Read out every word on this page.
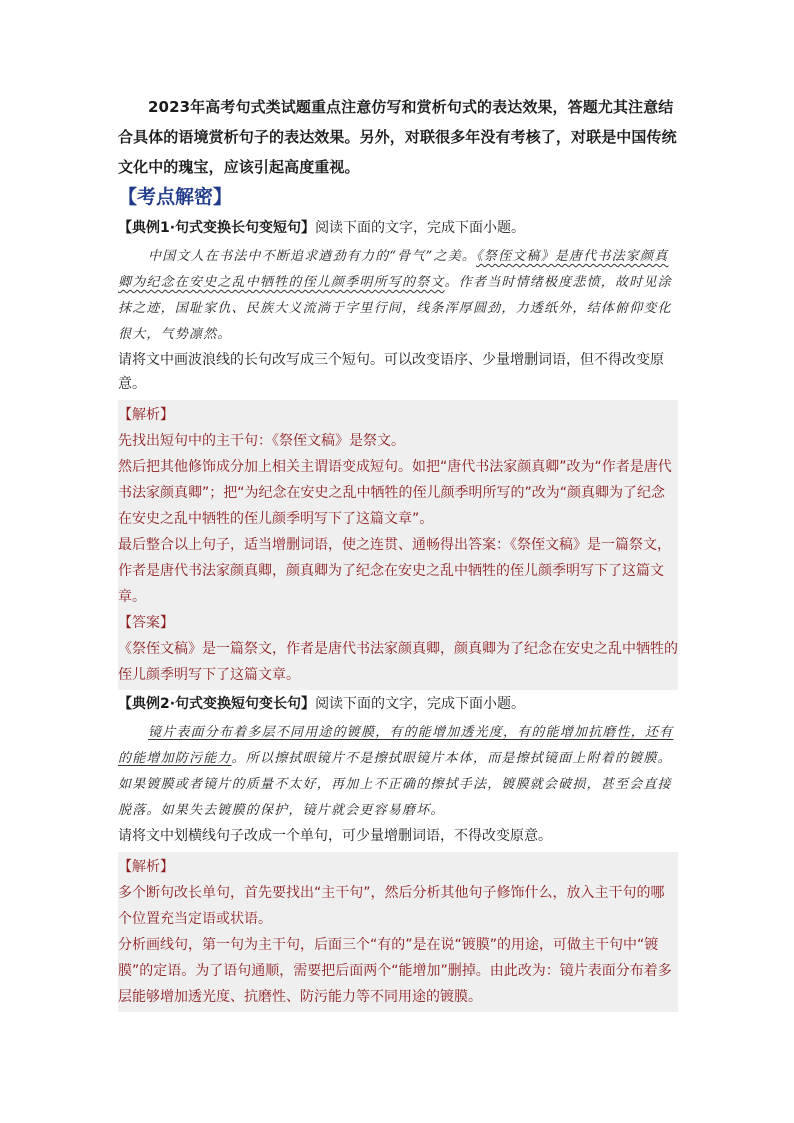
2023年高考句式类试题重点注意仿写和赏析句式的表达效果，答题尤其注意结合具体的语境赏析句子的表达效果。另外，对联很多年没有考核了，对联是中国传统文化中的瑰宝，应该引起高度重视。

【考点解密】
【典例1·句式变换长句变短句】阅读下面的文字，完成下面小题。

中国文人在书法中不断追求遒劲有力的“骨气”之美。《祭侄文稿》是唐代书法家颜真卿为纪念在安史之乱中牺牲的侄儿颜季明所写的祭文。作者当时情绪极度悲愤，故时见涂抹之迹，国耻家仇、民族大义流淌于字里行间，线条浑厚圆劲，力透纸外，结体俯仰变化很大，气势凛然。

请将文中画波浪线的长句改写成三个短句。可以改变语序、少量增删词语，但不得改变原意。

【解析】

先找出短句中的主干句：《祭侄文稿》是祭文。

然后把其他修饰成分加上相关主谓语变成短句。如把“唐代书法家颜真卿”改为“作者是唐代书法家颜真卿”；把“为纪念在安史之乱中牺牲的侄儿颜季明所写的”改为“颜真卿为了纪念在安史之乱中牺牲的侄儿颜季明写下了这篇文章”。

最后整合以上句子，适当增删词语，使之连贯、通畅得出答案：《祭侄文稿》是一篇祭文，作者是唐代书法家颜真卿，颜真卿为了纪念在安史之乱中牺牲的侄儿颜季明写下了这篇文章。

【答案】

《祭侄文稿》是一篇祭文，作者是唐代书法家颜真卿，颜真卿为了纪念在安史之乱中牺牲的侄儿颜季明写下了这篇文章。

【典例2·句式变换短句变长句】阅读下面的文字，完成下面小题。

镜片表面分布着多层不同用途的镀膜，有的能增加透光度，有的能增加抗磨性，还有的能增加防污能力。所以擦拭眼镜片不是擦拭眼镜片本体，而是擦拭镜面上附着的镀膜。如果镀膜或者镜片的质量不太好，再加上不正确的擦拭手法，镀膜就会破损，甚至会直接脱落。如果失去镀膜的保护，镜片就会更容易磨坏。

请将文中划横线句子改成一个单句，可少量增删词语，不得改变原意。

【解析】

多个断句改长单句，首先要找出“主干句”，然后分析其他句子修饰什么，放入主干句的哪个位置充当定语或状语。

分析画线句，第一句为主干句，后面三个“有的”是在说“镀膜”的用途，可做主干句中“镀膜”的定语。为了语句通顺，需要把后面两个“能增加”删掉。由此改为：镜片表面分布着多层能够增加透光度、抗磨性、防污能力等不同用途的镀膜。
